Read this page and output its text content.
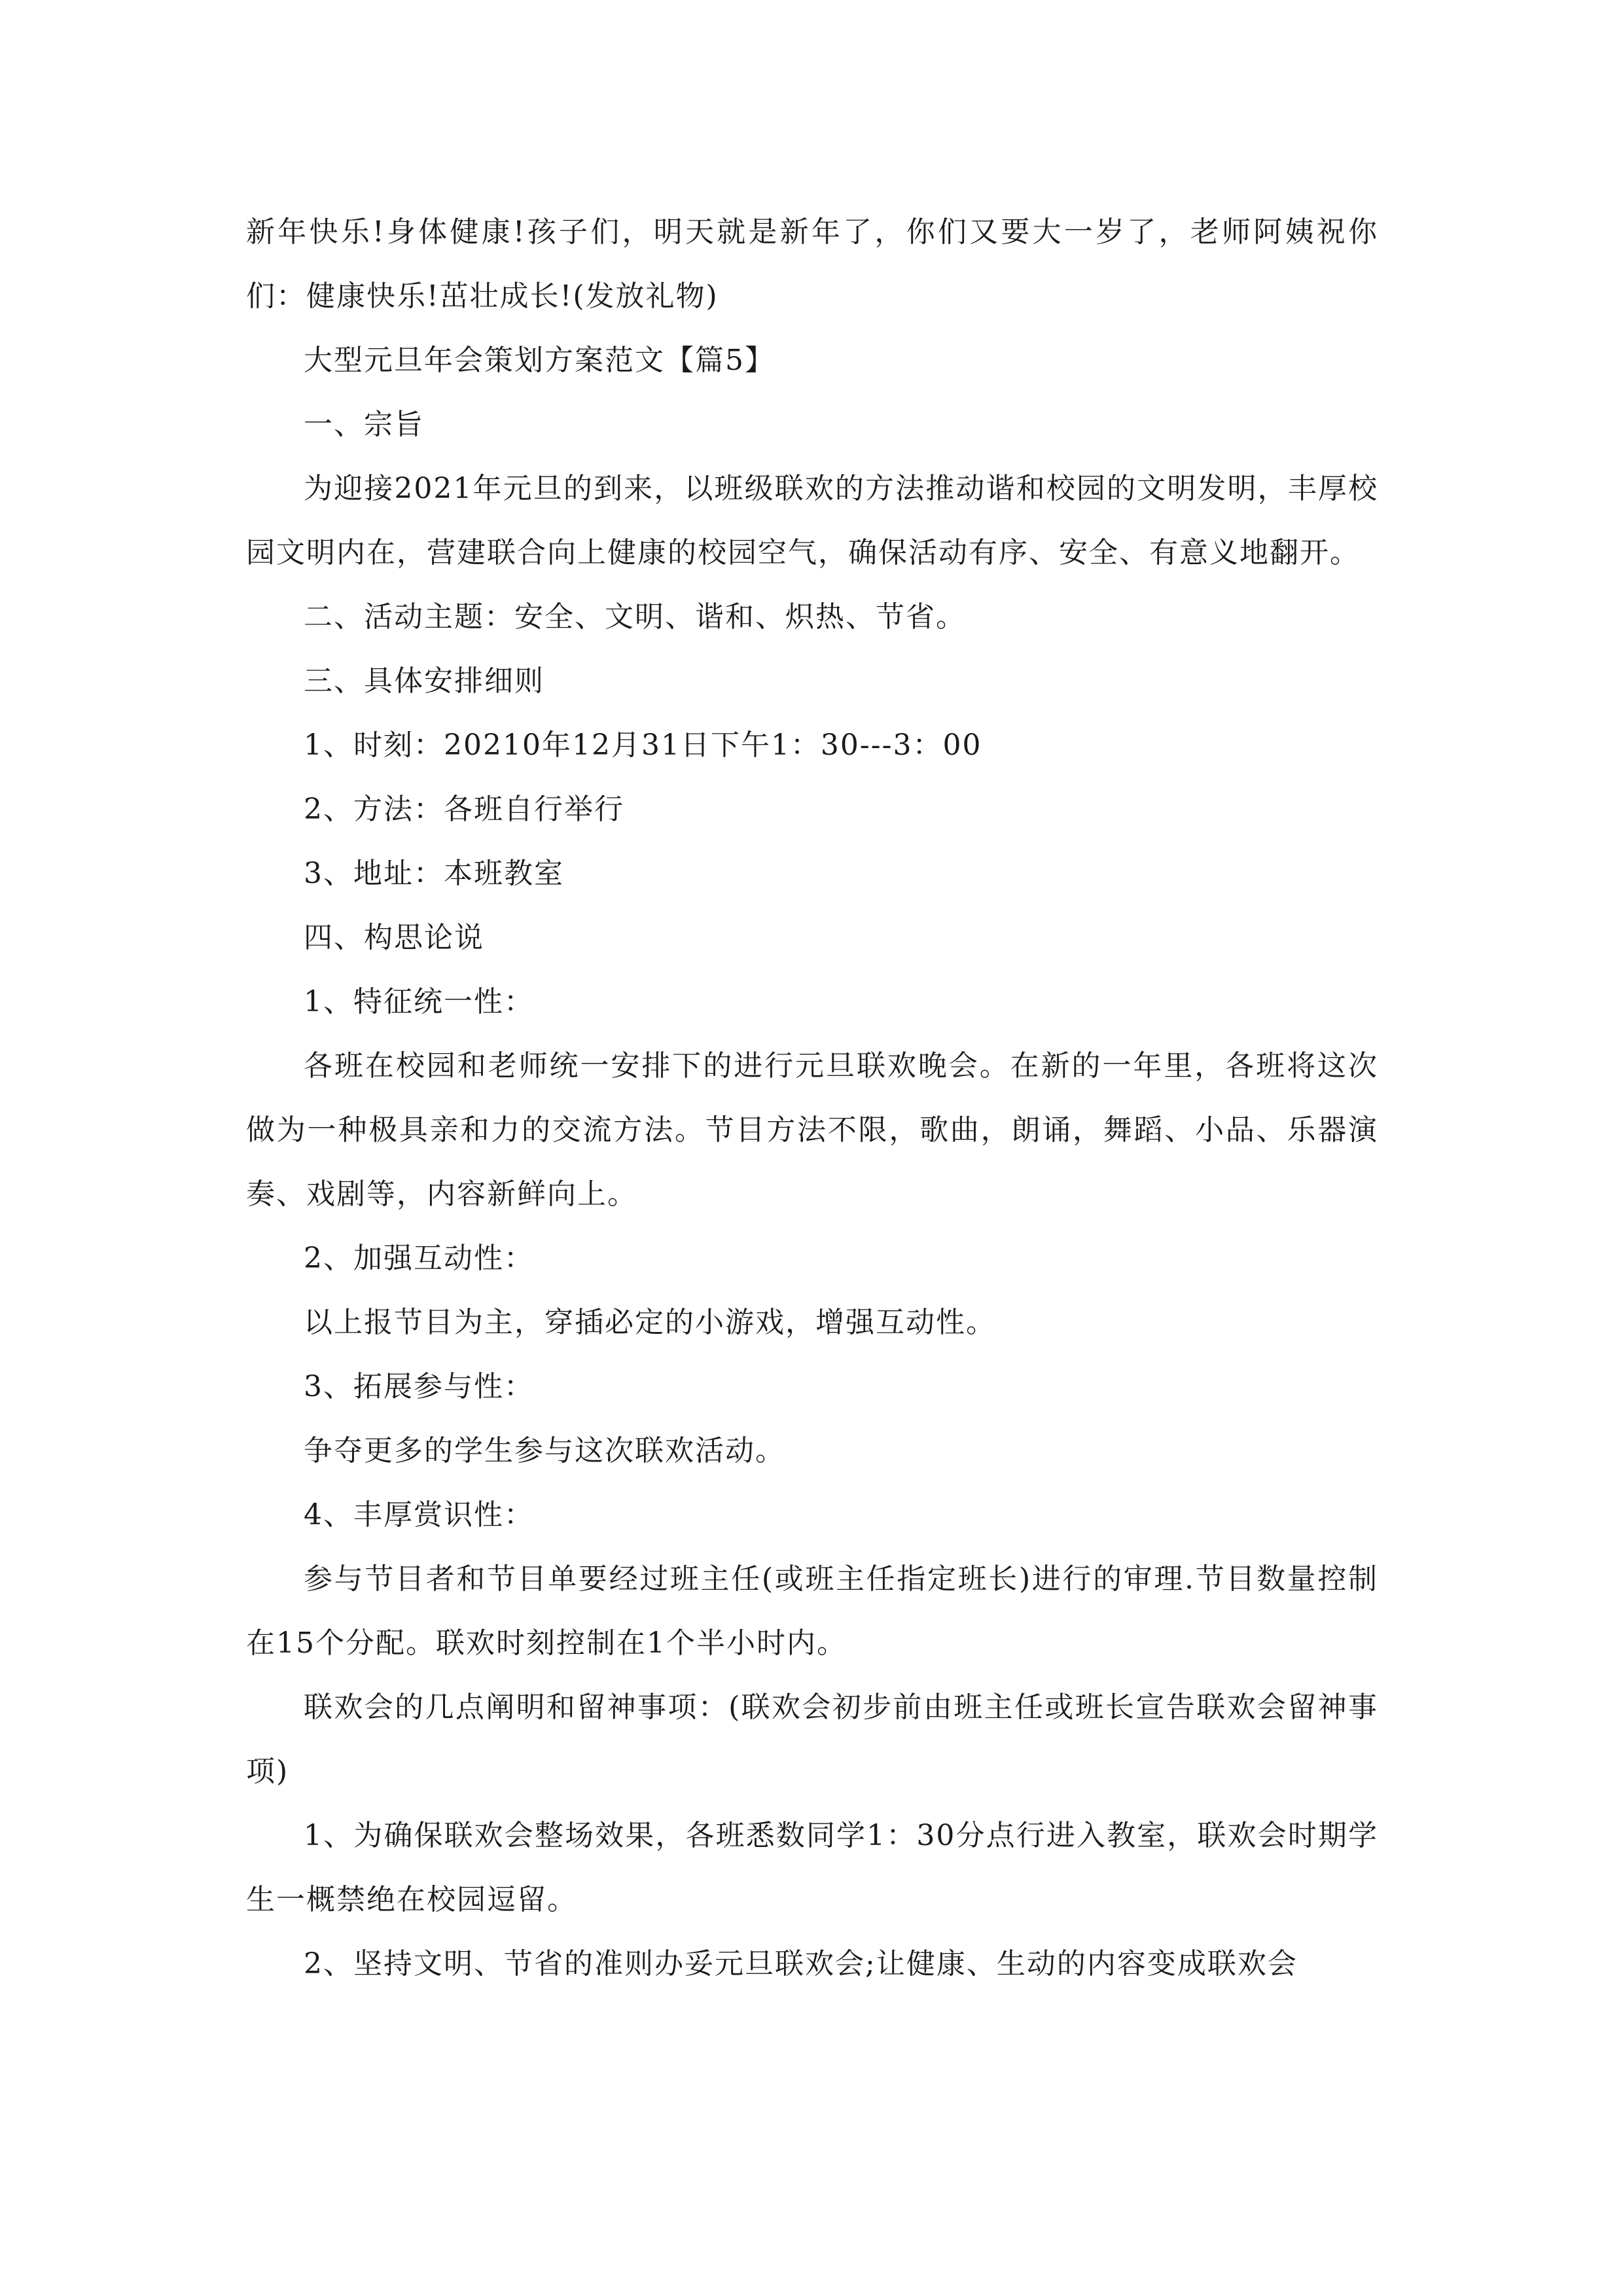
新年快乐!身体健康!孩子们，明天就是新年了，你们又要大一岁了，老师阿姨祝你们：健康快乐!茁壮成长!(发放礼物)

大型元旦年会策划方案范文【篇5】

一、宗旨

为迎接2021年元旦的到来，以班级联欢的方法推动谐和校园的文明发明，丰厚校园文明内在，营建联合向上健康的校园空气，确保活动有序、安全、有意义地翻开。

二、活动主题：安全、文明、谐和、炽热、节省。

三、具体安排细则

1、时刻：20210年12月31日下午1：30---3：00

2、方法：各班自行举行

3、地址：本班教室

四、构思论说

1、特征统一性：

各班在校园和老师统一安排下的进行元旦联欢晚会。在新的一年里，各班将这次做为一种极具亲和力的交流方法。节目方法不限，歌曲，朗诵，舞蹈、小品、乐器演奏、戏剧等，内容新鲜向上。

2、加强互动性：

以上报节目为主，穿插必定的小游戏，增强互动性。

3、拓展参与性：

争夺更多的学生参与这次联欢活动。

4、丰厚赏识性：

参与节目者和节目单要经过班主任(或班主任指定班长)进行的审理.节目数量控制在15个分配。联欢时刻控制在1个半小时内。

联欢会的几点阐明和留神事项：(联欢会初步前由班主任或班长宣告联欢会留神事项)

1、为确保联欢会整场效果，各班悉数同学1：30分点行进入教室，联欢会时期学生一概禁绝在校园逗留。

2、坚持文明、节省的准则办妥元旦联欢会;让健康、生动的内容变成联欢会
